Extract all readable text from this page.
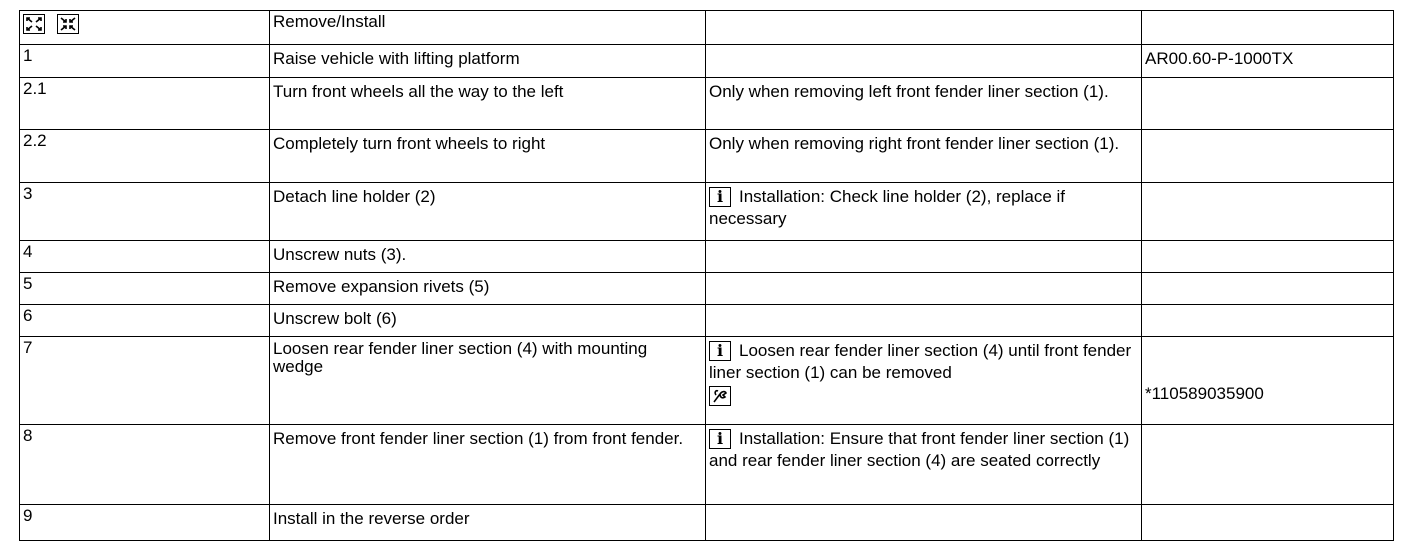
	Remove/Install		
1	Raise vehicle with lifting platform		AR00.60-P-1000TX

2.1	Turn front wheels all the way to the left	Only when removing left front fender liner section (1).	
2.2	Completely turn front wheels to right	Only when removing right front fender liner section (1).	
3	Detach line holder (2)	i Installation: Check line holder (2), replace if necessary	
4	Unscrew nuts (3).		
5	Remove expansion rivets (5)		
6	Unscrew bolt (6)		
7	Loosen rear fender liner section (4) with mounting wedge	i Loosen rear fender liner section (4) until front fender liner section (1) can be removed	*110589035900

8	Remove front fender liner section (1) from front fender.	i Installation: Ensure that front fender liner section (1) and rear fender liner section (4) are seated correctly	
9	Install in the reverse order		
